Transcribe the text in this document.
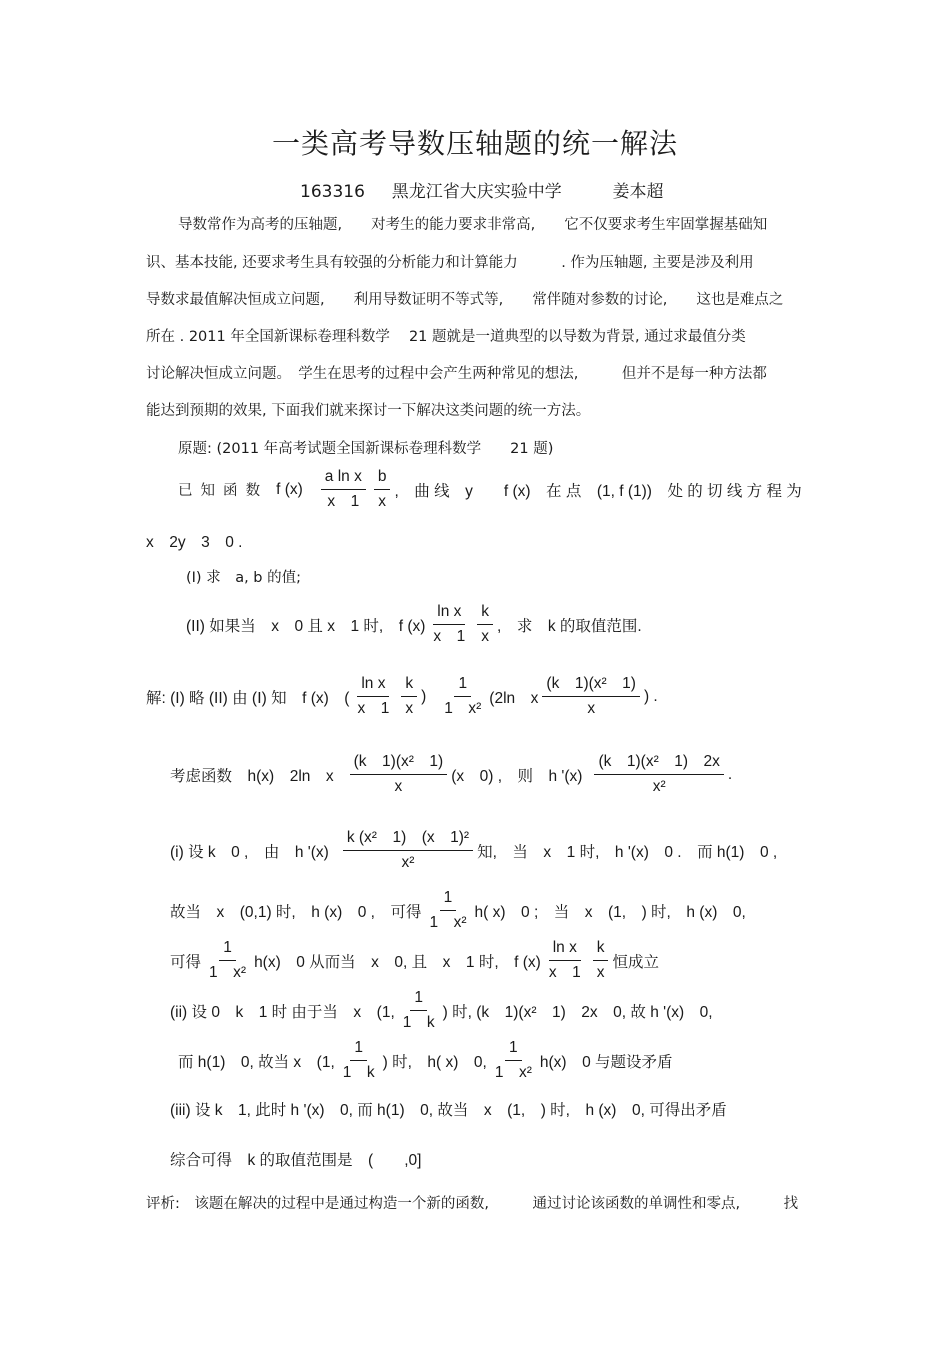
一类高考导数压轴题的统一解法
163316 黑龙江省大庆实验中学	姜本超
导数常作为高考的压轴题,　　对考生的能力要求非常高,　　它不仅要求考生牢固掌握基础知
识、基本技能, 还要求考生具有较强的分析能力和计算能力　　　. 作为压轴题, 主要是涉及利用
导数求最值解决恒成立问题,　　利用导数证明不等式等,　　常伴随对参数的讨论,　　这也是难点之
所在 . 2011 年全国新课标卷理科数学　 21 题就是一道典型的以导数为背景, 通过求最值分类
讨论解决恒成立问题。　学生在思考的过程中会产生两种常见的想法,　　　但并不是每一种方法都
能达到预期的效果, 下面我们就来探讨一下解决这类问题的统一方法。
原题: (2011 年高考试题全国新课标卷理科数学　　21 题)
已 知 函 数 f $(x) \frac{\text{a ln x}}{x 1} \frac{b}{x}$ ,　曲 线　y　　f (x)　在 点　(1, f (1))　处 的 切 线 方 程 为
x　2y　3　0 .
(I) 求　a, b 的值;
(II) 如果当　x　0 且 x　1 时,　f $(x) \frac{\text{ln x}}{x 1} \frac{k}{x}$ ,　求　k 的取值范围.
解: (I) 略 (II) 由 (Ⅰ) 知　f (x)　( $\frac{\text{ln x}}{x 1} \frac{k}{x}$ ) $\frac{1}{\text{1　x²}} (2\ln$　x $\frac{\text{(k　1)(x²　1)}}{x}$ ) .
考虑函数　h(x)　2ln　x $\frac{\text{(k　1)(x²　1)}}{x} (x$　0) ,　则　h '$(x) \frac{\text{(k　1)(x²　1)　2x}}{\text{x²}}$ .
(i) 设 k　0 ,　由　h '$(x) \frac{\text{k (x²　1)　(x　1)²}}{\text{x²}}$ 知,　当　x　1 时,　h '(x)　0 .　而 h(1)　0 ,
故当　x　(0,1) 时,　h (x)　0 ,　可得 $\frac{1}{\text{1　x²}} h$( x)　0 ;　当　x　(1,　) 时,　h (x)　0,
可得 $\frac{1}{\text{1　x²}} h(x)$　0 从而当　x　0, 且　x　1 时,　f $(x) \frac{\text{ln x}}{x 1} \frac{k}{x}$ 恒成立
(ii) 设 0　k　1 时 由于当　x　(1, $\frac{1}{1 k}$ ) 时, (k　1)(x²　1)　2x　0, 故 h '(x)　0,
而 h(1)　0, 故当 x　(1, $\frac{1}{1 k}$ ) 时,　h( x)　0, $\frac{1}{\text{1　x²}} h(x)$　0 与题设矛盾
(iii) 设 k　1, 此时 h '(x)　0, 而 h(1)　0, 故当　x　(1,　) 时,　h (x)　0, 可得出矛盾
综合可得　k 的取值范围是　(　　,0]
评析:　该题在解决的过程中是通过构造一个新的函数,　　　通过讨论该函数的单调性和零点,　　　找
